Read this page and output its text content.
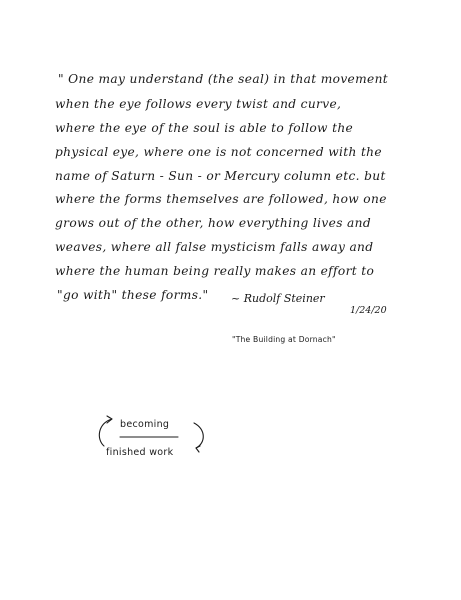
" One may understand (the seal) in that movement
when the eye follows every twist and curve,
where the eye of the soul is able to follow the
physical eye, where one is not concerned with the
name of Saturn - Sun - or Mercury column etc. but
where the forms themselves are followed, how one
grows out of the other, how everything lives and
weaves, where all false mysticism falls away and
where the human being really makes an effort to
"go with" these forms." ~ Rudolf Steiner
1/24/20
"The Building at Dornach"
becoming
finished work
